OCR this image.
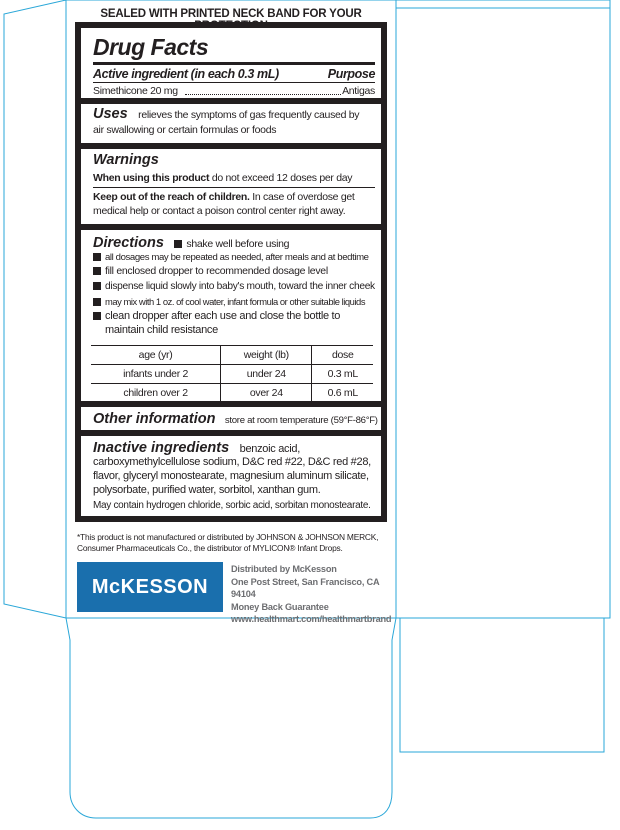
SEALED WITH PRINTED NECK BAND FOR YOUR
Drug Facts
Active ingredient (in each 0.3 mL)	Purpose
Simethicone 20 mg	Antigas
Uses relieves the symptoms of gas frequently caused by
air swallowing or certain formulas or foods
Warnings
When using this product do not exceed 12 doses per day
Keep out of the reach of children. In case of overdose get
medical help or contact a poison control center right away.
Directions shake well before using
all dosages may be repeated as needed, after meals and at bedtime
fill enclosed dropper to recommended dosage level
dispense liquid slowly into baby's mouth, toward the inner cheek
may mix with 1 oz. of cool water, infant formula or other suitable liquids
clean dropper after each use and close the bottle to
maintain child resistance
age (yr)	weight (lb)	dose
infants under 2	under 24	0.3 mL
children over 2	over 24	0.6 mL
Other information store at room temperature (59°F-86°F)
Inactive ingredients benzoic acid,
carboxymethylcellulose sodium, D&C red #22, D&C red #28,
flavor, glyceryl monostearate, magnesium aluminum silicate,
polysorbate, purified water, sorbitol, xanthan gum.
May contain hydrogen chloride, sorbic acid, sorbitan monostearate.
*This product is not manufactured or distributed by JOHNSON & JOHNSON MERCK,
Consumer Pharmaceuticals Co., the distributor of MYLICON® Infant Drops.
McKESSON
Distributed by McKesson
One Post Street, San Francisco, CA 94104
Money Back Guarantee
www.healthmart.com/healthmartbrand
